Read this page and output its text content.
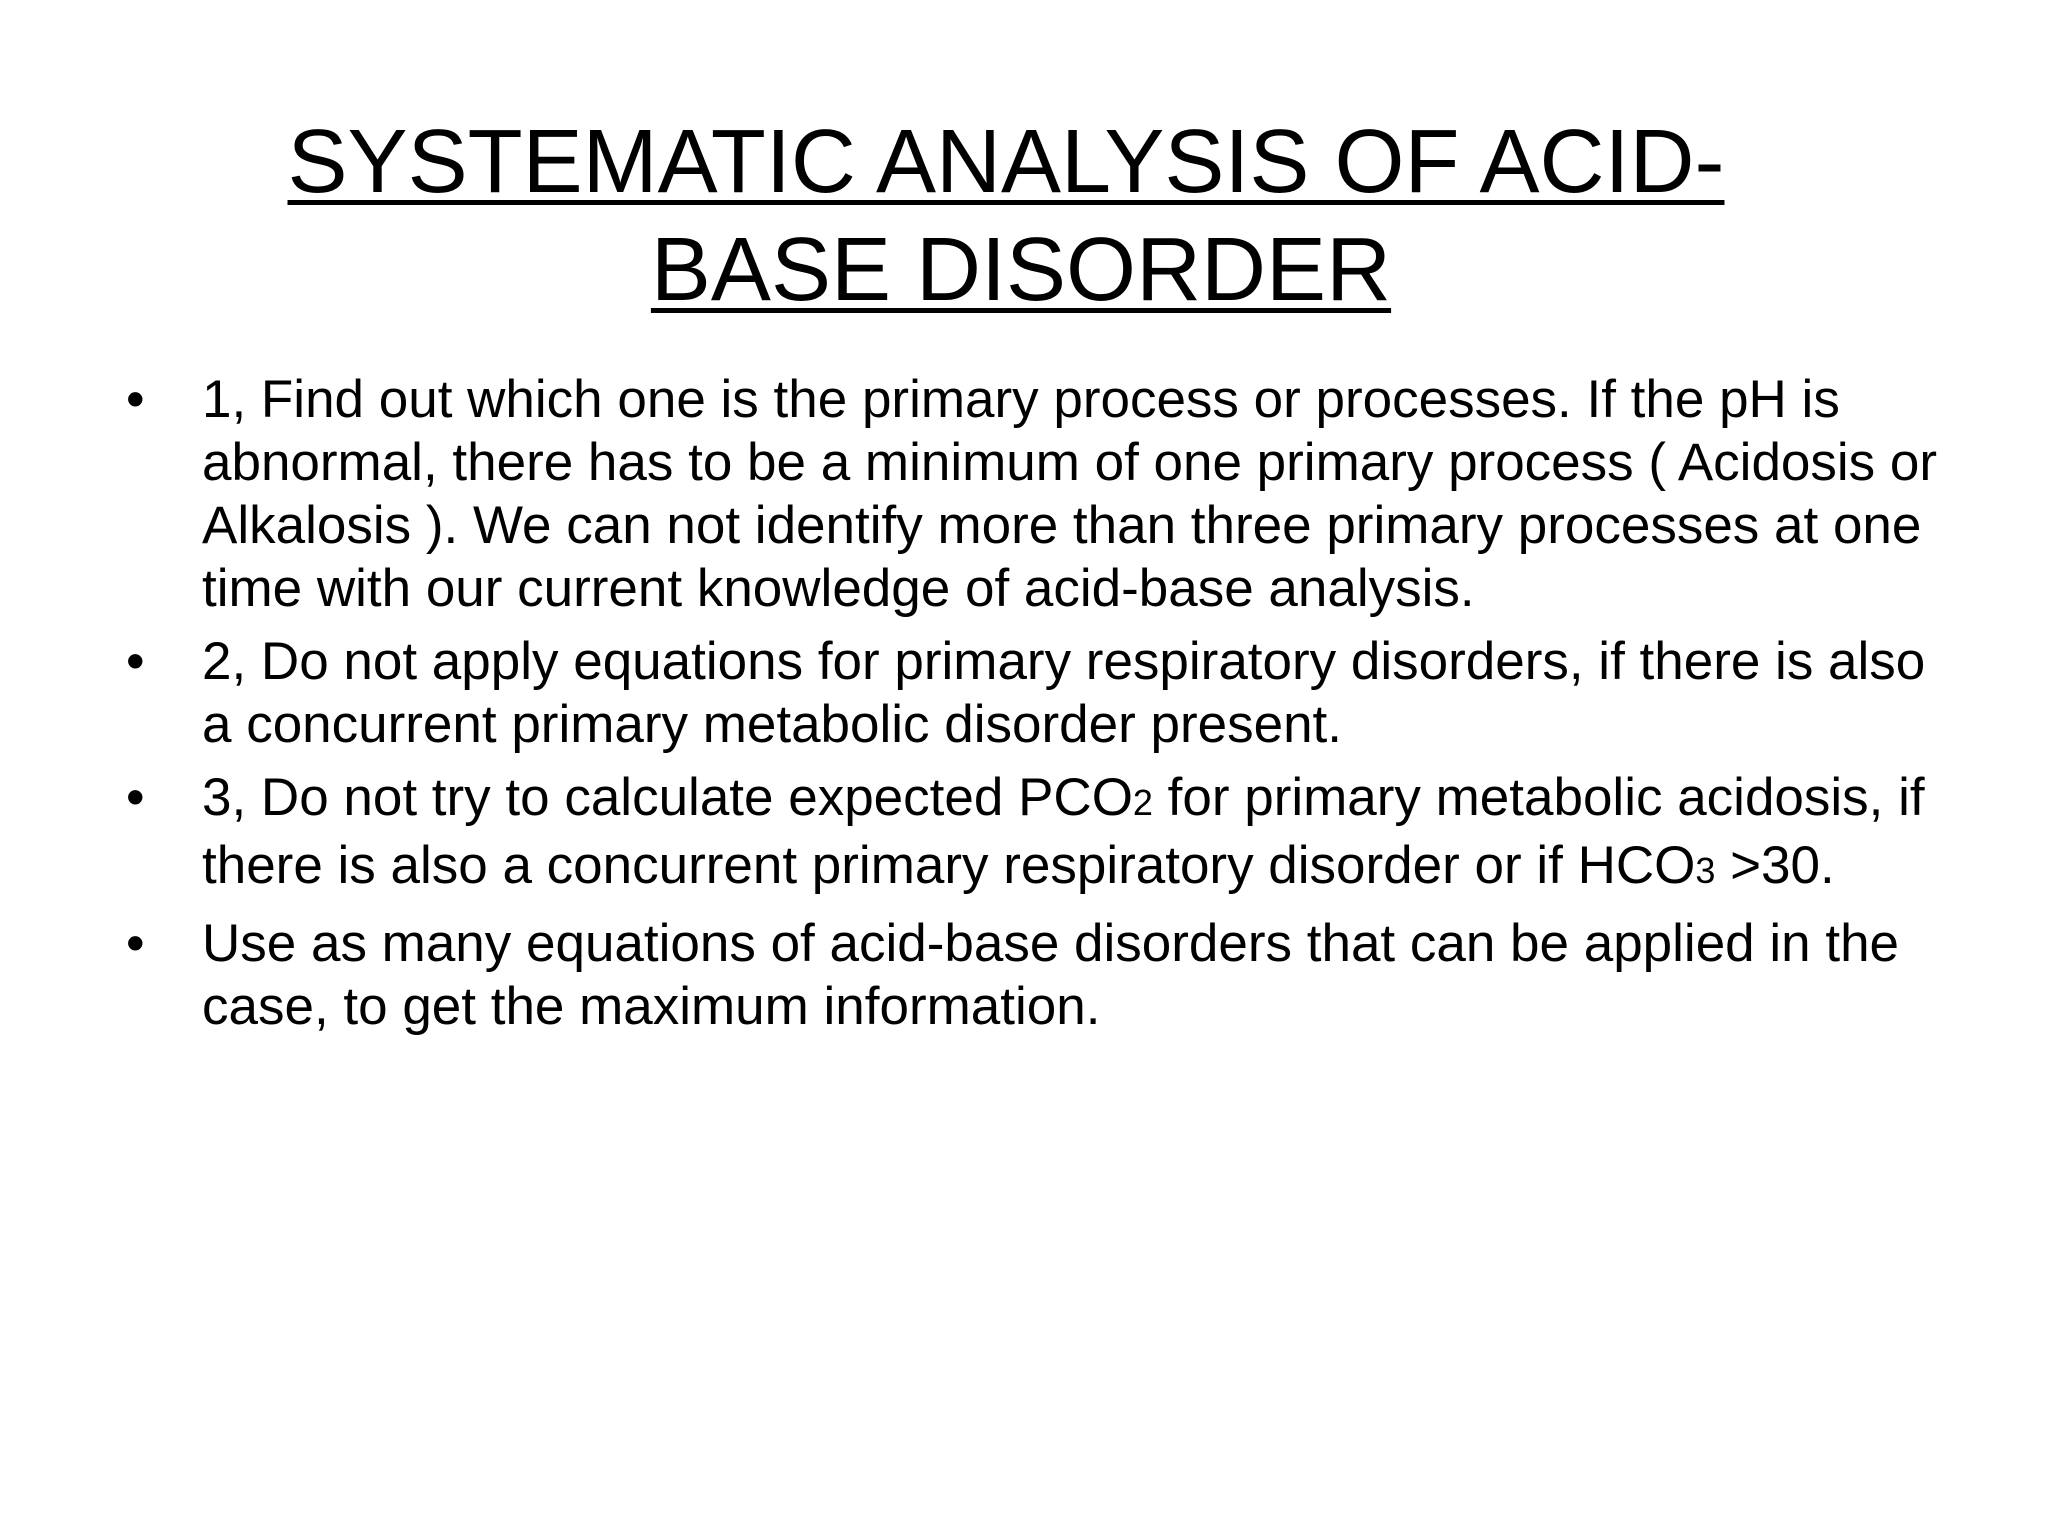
SYSTEMATIC ANALYSIS OF ACID-
BASE DISORDER
•	1, Find out which one is the primary process or processes. If the pH is abnormal, there has to be a minimum of one primary process ( Acidosis or Alkalosis ). We can not identify more than three primary processes at one time with our current knowledge of acid-base analysis.
•	2, Do not apply equations for primary respiratory disorders, if there is also a concurrent primary metabolic disorder present.
•	3, Do not try to calculate expected PCO2 for primary metabolic acidosis, if there is also a concurrent primary respiratory disorder or if HCO3 >30.
•	Use as many equations of acid-base disorders that can be applied in the case, to get the maximum information.
